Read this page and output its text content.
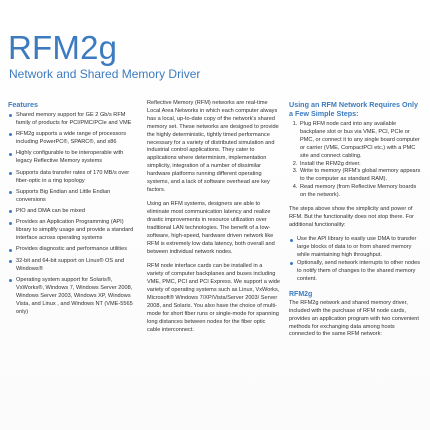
RFM2g
Network and Shared Memory Driver
Features
Shared memory support for GE 2 Gb/s RFM family of products for PCI/PMC/PCIe and VME
RFM2g supports a wide range of processors including PowerPC®, SPARC®, and x86
Highly configurable to be interoperable with legacy Reflective Memory systems
Supports data transfer rates of 170 MB/s over fiber-optic in a ring topology
Supports Big Endian and Little Endian conversions
PIO and DMA can be mixed
Provides an Application Programming (API) library to simplify usage and provide a standard interface across operating systems
Provides diagnostic and performance utilities
32-bit and 64-bit support on Linux® OS and Windows®
Operating system support for Solaris®, VxWorks®, Windows 7, Windows Server 2008, Windows Server 2003, Windows XP, Windows Vista, and Linux , and Windows NT (VME-5565 only)

Reflective Memory (RFM) networks are real-time Local Area Networks in which each computer always has a local, up-to-date copy of the network's shared memory set. These networks are designed to provide the highly deterministic, tightly timed performance necessary for a variety of distributed simulation and industrial control applications. They cater to applications where determinism, implementation simplicity, integration of a number of dissimilar hardware platforms running different operating systems, and a lack of software overhead are key factors.

Using an RFM systems, designers are able to eliminate most communication latency and realize drastic improvements in resource utilization over traditional LAN technologies. The benefit of a low-software, high-speed, hardware driven network like RFM is extremely low data latency, both overall and between individual network nodes.

RFM node interface cards can be installed in a variety of computer backplanes and buses including VME, PMC, PCI and PCI Express. We support a wide variety of operating systems such as Linux, VxWorks, Microsoft® Windows 7/XP/Vista/Server 2003/ Server 2008, and Solaris. You also have the choice of multi-mode for short fiber runs or single-mode for spanning long distances between nodes for the fiber optic cable interconnect.

Using an RFM Network Requires Only a Few Simple Steps:
1. Plug RFM node card into any available backplane slot or bus via VME, PCI, PCIe or PMC, or connect it to any single board computer or carrier (VME, CompactPCI etc.) with a PMC site and connect cabling.
2. Install the RFM2g driver.
3. Write to memory (RFM's global memory appears to the computer as standard RAM).
4. Read memory (from Reflective Memory boards on the network).

The steps above show the simplicity and power of RFM. But the functionality does not stop there. For additional functionality:

Use the API library to easily use DMA to transfer large blocks of data to or from shared memory while maintaining high throughput.
Optionally, send network interrupts to other nodes to notify them of changes to the shared memory content.
RFM2g

The RFM2g network and shared memory driver, included with the purchase of RFM node cards, provides an application program with two convenient methods for exchanging data among hosts connected to the same RFM network:
